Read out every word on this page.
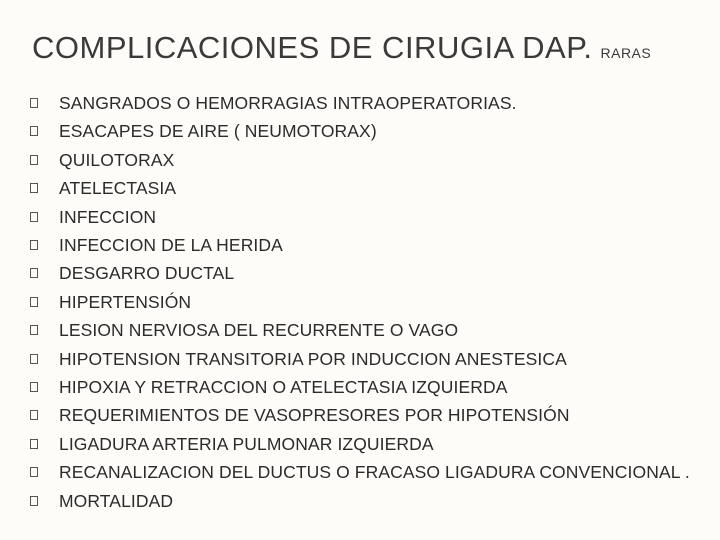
COMPLICACIONES DE CIRUGIA DAP. RARAS
SANGRADOS O HEMORRAGIAS INTRAOPERATORIAS.
ESACAPES DE AIRE ( NEUMOTORAX)
QUILOTORAX
ATELECTASIA
INFECCION
INFECCION DE LA HERIDA
DESGARRO DUCTAL
HIPERTENSIÓN
LESION NERVIOSA DEL RECURRENTE O VAGO
HIPOTENSION TRANSITORIA POR INDUCCION ANESTESICA
HIPOXIA Y RETRACCION O ATELECTASIA IZQUIERDA
REQUERIMIENTOS DE VASOPRESORES POR HIPOTENSIÓN
LIGADURA ARTERIA PULMONAR IZQUIERDA
RECANALIZACION DEL DUCTUS O FRACASO LIGADURA CONVENCIONAL .
MORTALIDAD
